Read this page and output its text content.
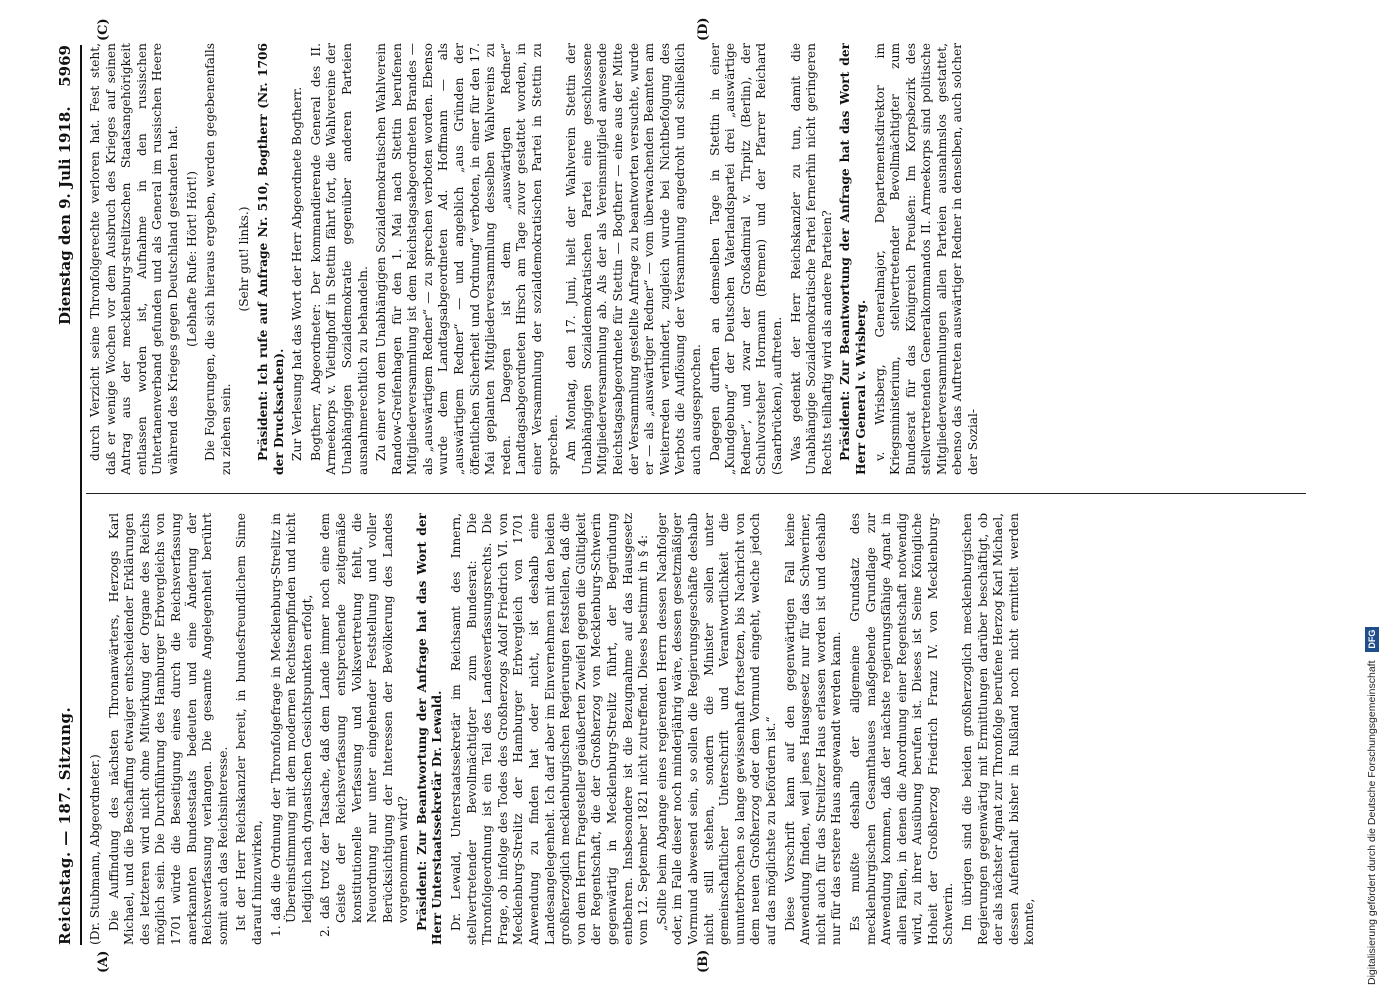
Reichstag. — 187. Sitzung.
Dienstag den 9. Juli 1918.
5969
(A)	(B)
(C)	(D)

(Dr. Stubmann, Abgeordneter.) Die Auffindung des nächsten Thronanwärters, Herzogs Karl Michael, und die Beschaffung etwaiger entscheidender Erklärungen des letzteren wird nicht ohne Mitwirkung der Organe des Reichs möglich sein. Die Durchführung des Hamburger Erbvergleichs von 1701 würde die Beseitigung eines durch die Reichsverfassung anerkannten Bundesstaats bedeuten und eine Änderung der Reichsverfassung verlangen. Die gesamte Angelegenheit berührt somit auch das Reichsinteresse. Ist der Herr Reichskanzler bereit, in bundesfreundlichem Sinne darauf hinzuwirken, 1. daß die Ordnung der Thronfolgefrage in Mecklenburg-Strelitz in Übereinstimmung mit dem modernen Rechtsempfinden und nicht lediglich nach dynastischen Gesichtspunkten erfolgt, 2. daß trotz der Tatsache, daß dem Lande immer noch eine dem Geiste der Reichsverfassung entsprechende zeitgemäße konstitutionelle Verfassung und Volksvertretung fehlt, die Neuordnung nur unter eingehender Feststellung und voller Berücksichtigung der Interessen der Bevölkerung des Landes vorgenommen wird? Präsident: Zur Beantwortung der Anfrage hat das Wort der Herr Unterstaatssekretär Dr. Lewald. Dr. Lewald, Unterstaatssekretär im Reichsamt des Innern, stellvertretender Bevollmächtigter zum Bundesrat: Die Thronfolgeordnung ist ein Teil des Landesverfassungsrechts. Die Frage, ob infolge des Todes des Großherzogs Adolf Friedrich VI. von Mecklenburg-Strelitz der Hamburger Erbvergleich von 1701 Anwendung zu finden hat oder nicht, ist deshalb eine Landesangelegenheit. Ich darf aber im Einvernehmen mit den beiden großherzoglich mecklenburgischen Regierungen feststellen, daß die von dem Herrn Fragesteller geäußerten Zweifel gegen die Gültigkeit der Regentschaft, die der Großherzog von Mecklenburg-Schwerin gegenwärtig in Mecklenburg-Strelitz führt, der Begründung entbehren. Insbesondere ist die Bezugnahme auf das Hausgesetz vom 12. September 1821 nicht zutreffend. Dieses bestimmt in § 4: „Sollte beim Abgange eines regierenden Herrn dessen Nachfolger oder, im Falle dieser noch minderjährig wäre, dessen gesetzmäßiger Vormund abwesend sein, so sollen die Regierungsgeschäfte deshalb nicht still stehen, sondern die Minister sollen unter gemeinschaftlicher Unterschrift und Verantwortlichkeit die ununterbrochen so lange gewissenhaft fortsetzen, bis Nachricht von dem neuen Großherzog oder dem Vormund eingeht, welche jedoch auf das möglichste zu befördern ist.“ Diese Vorschrift kann auf den gegenwärtigen Fall keine Anwendung finden, weil jenes Hausgesetz nur für das Schweriner, nicht auch für das Strelitzer Haus erlassen worden ist und deshalb nur für das erstere Haus angewandt werden kann. Es mußte deshalb der allgemeine Grundsatz des mecklenburgischen Gesamthauses maßgebende Grundlage zur Anwendung kommen, daß der nächste regierungsfähige Agnat in allen Fällen, in denen die Anordnung einer Regentschaft notwendig wird, zu ihrer Ausübung berufen ist. Dieses ist Seine Königliche Hoheit der Großherzog Friedrich Franz IV. von Mecklenburg-Schwerin. Im übrigen sind die beiden großherzoglich mecklenburgischen Regierungen gegenwärtig mit Ermittlungen darüber beschäftigt, ob der als nächster Agnat zur Thronfolge berufene Herzog Karl Michael, dessen Aufenthalt bisher in Rußland noch nicht ermittelt werden konnte,

durch Verzicht seine Thronfolgerechte verloren hat. Fest steht, daß er wenige Wochen vor dem Ausbruch des Krieges auf seinen Antrag aus der mecklenburg-strelitzschen Staatsangehörigkeit entlassen worden ist, Aufnahme in den russischen Untertanenverband gefunden und als General im russischen Heere während des Krieges gegen Deutschland gestanden hat. (Lebhafte Rufe: Hört! Hört!) Die Folgerungen, die sich hieraus ergeben, werden gegebenenfalls zu ziehen sein.

(Sehr gut! links.) Präsident: Ich rufe auf Anfrage Nr. 510, Bogtherr (Nr. 1706 der Drucksachen). Zur Verlesung hat das Wort der Herr Abgeordnete Bogtherr. Bogtherr, Abgeordneter: Der kommandierende General des II. Armeekorps v. Vietinghoff in Stettin fährt fort, die Wahlvereine der Unabhängigen Sozialdemokratie gegenüber anderen Parteien ausnahmerechtlich zu behandeln. Zu einer von dem Unabhängigen Sozialdemokratischen Wahlverein Randow-Greifenhagen für den 1. Mai nach Stettin berufenen Mitgliederversammlung ist dem Reichstagsabgeordneten Brandes — als „auswärtigem Redner“ — zu sprechen verboten worden. Ebenso wurde dem Landtagsabgeordneten Ad. Hoffmann — als „auswärtigem Redner“ — und angeblich „aus Gründen der öffentlichen Sicherheit und Ordnung“ verboten, in einer für den 17. Mai geplanten Mitgliederversammlung desselben Wahlvereins zu reden. Dagegen ist dem „auswärtigen Redner“ Landtagsabgeordneten Hirsch am Tage zuvor gestattet worden, in einer Versammlung der sozialdemokratischen Partei in Stettin zu sprechen. Am Montag, den 17. Juni, hielt der Wahlverein Stettin der Unabhängigen Sozialdemokratischen Partei eine geschlossene Mitgliederversammlung ab. Als der als Vereinsmitglied anwesende Reichstagsabgeordnete für Stettin — Bogtherr — eine aus der Mitte der Versammlung gestellte Anfrage zu beantworten versuchte, wurde er — als „auswärtiger Redner“ — vom überwachenden Beamten am Weiterreden verhindert, zugleich wurde bei Nichtbefolgung des Verbots die Auflösung der Versammlung angedroht und schließlich auch ausgesprochen. Dagegen durften an demselben Tage in Stettin in einer „Kundgebung“ der Deutschen Vaterlandspartei drei „auswärtige Redner“, und zwar der Großadmiral v. Tirpitz (Berlin), der Schulvorsteher Hormann (Bremen) und der Pfarrer Reichard (Saarbrücken), auftreten. Was gedenkt der Herr Reichskanzler zu tun, damit die Unabhängige Sozialdemokratische Partei fernerhin nicht geringeren Rechts teilhaftig wird als andere Parteien? Präsident: Zur Beantwortung der Anfrage hat das Wort der Herr General v. Wrisberg. v. Wrisberg, Generalmajor, Departementsdirektor im Kriegsministerium, stellvertretender Bevollmächtigter zum Bundesrat für das Königreich Preußen: Im Korpsbezirk des stellvertretenden Generalkommandos II. Armeekorps sind politische Mitgliederversammlungen allen Parteien ausnahmslos gestattet, ebenso das Auftreten auswärtiger Redner in denselben, auch solcher der Sozial-

Digitalisierung gefördert durch die Deutsche Forschungsgemeinschaft DFG
